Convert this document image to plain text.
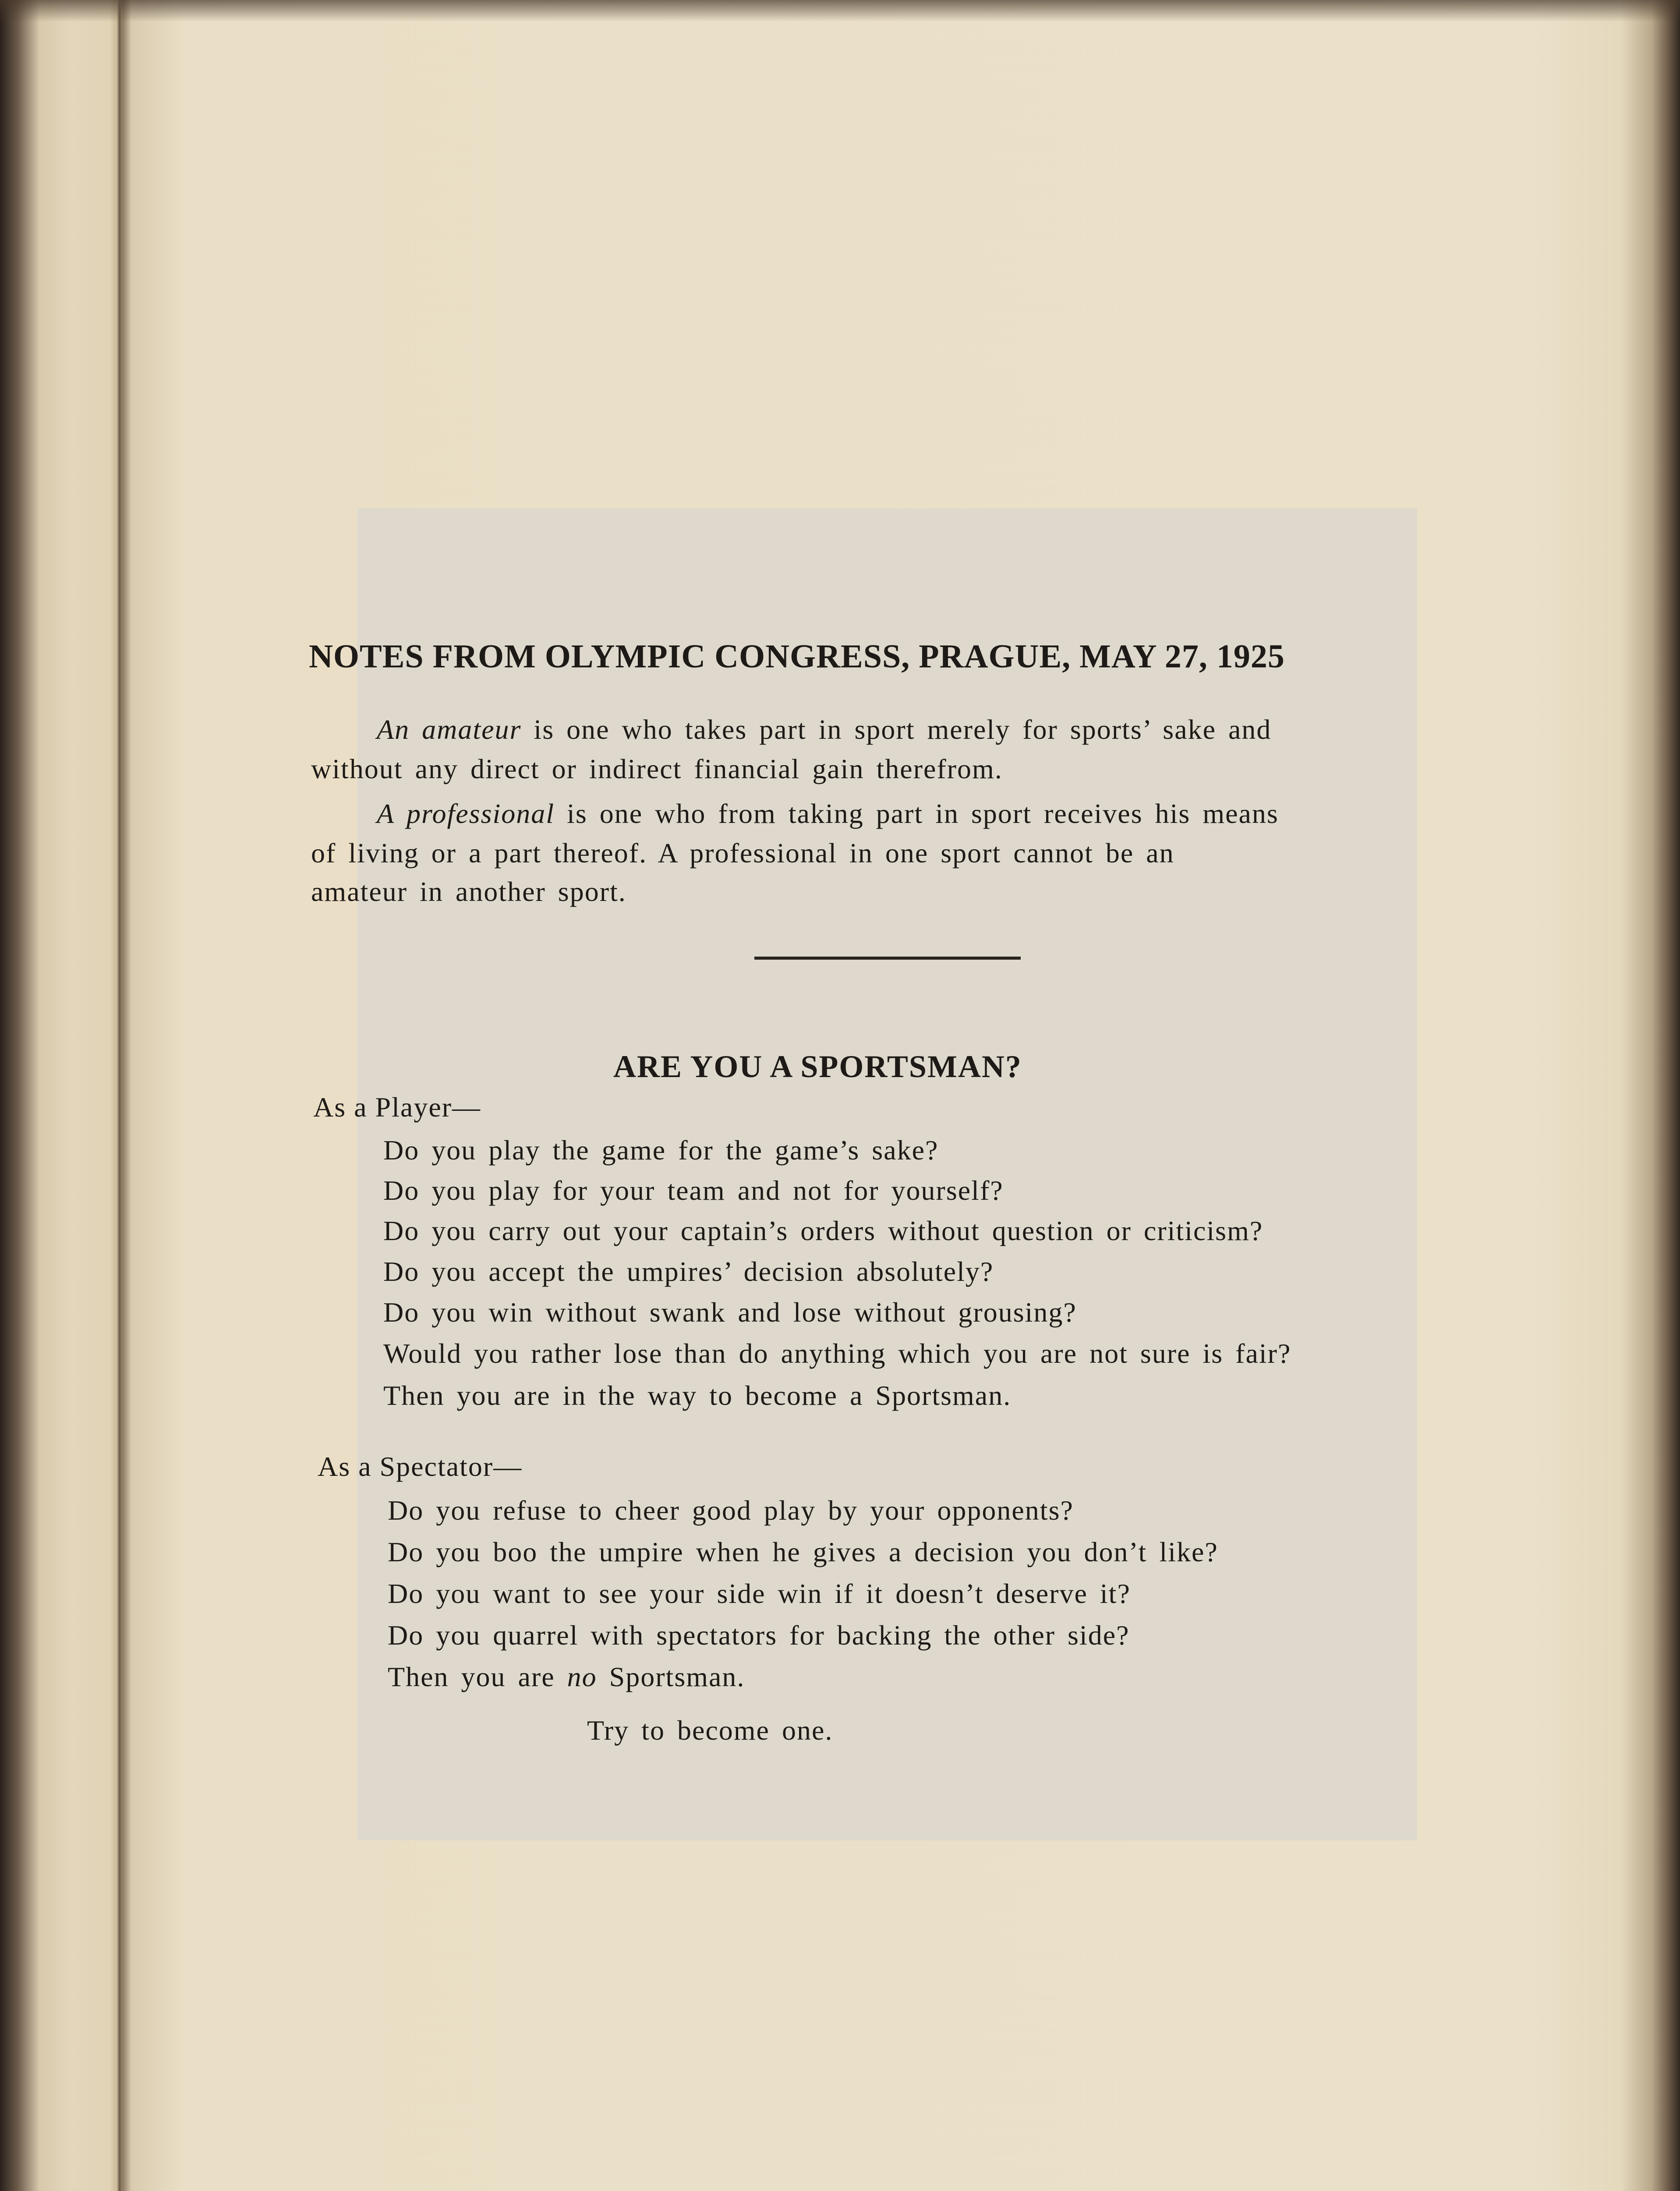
NOTES FROM OLYMPIC CONGRESS, PRAGUE, MAY 27, 1925
An amateur is one who takes part in sport merely for sports’ sake and
without any direct or indirect financial gain therefrom.
A professional is one who from taking part in sport receives his means
of living or a part thereof. A professional in one sport cannot be an
amateur in another sport.
ARE YOU A SPORTSMAN?
As a Player—
Do you play the game for the game’s sake?
Do you play for your team and not for yourself?
Do you carry out your captain’s orders without question or criticism?
Do you accept the umpires’ decision absolutely?
Do you win without swank and lose without grousing?
Would you rather lose than do anything which you are not sure is fair?
Then you are in the way to become a Sportsman.
As a Spectator—
Do you refuse to cheer good play by your opponents?
Do you boo the umpire when he gives a decision you don’t like?
Do you want to see your side win if it doesn’t deserve it?
Do you quarrel with spectators for backing the other side?
Then you are no Sportsman.
Try to become one.
